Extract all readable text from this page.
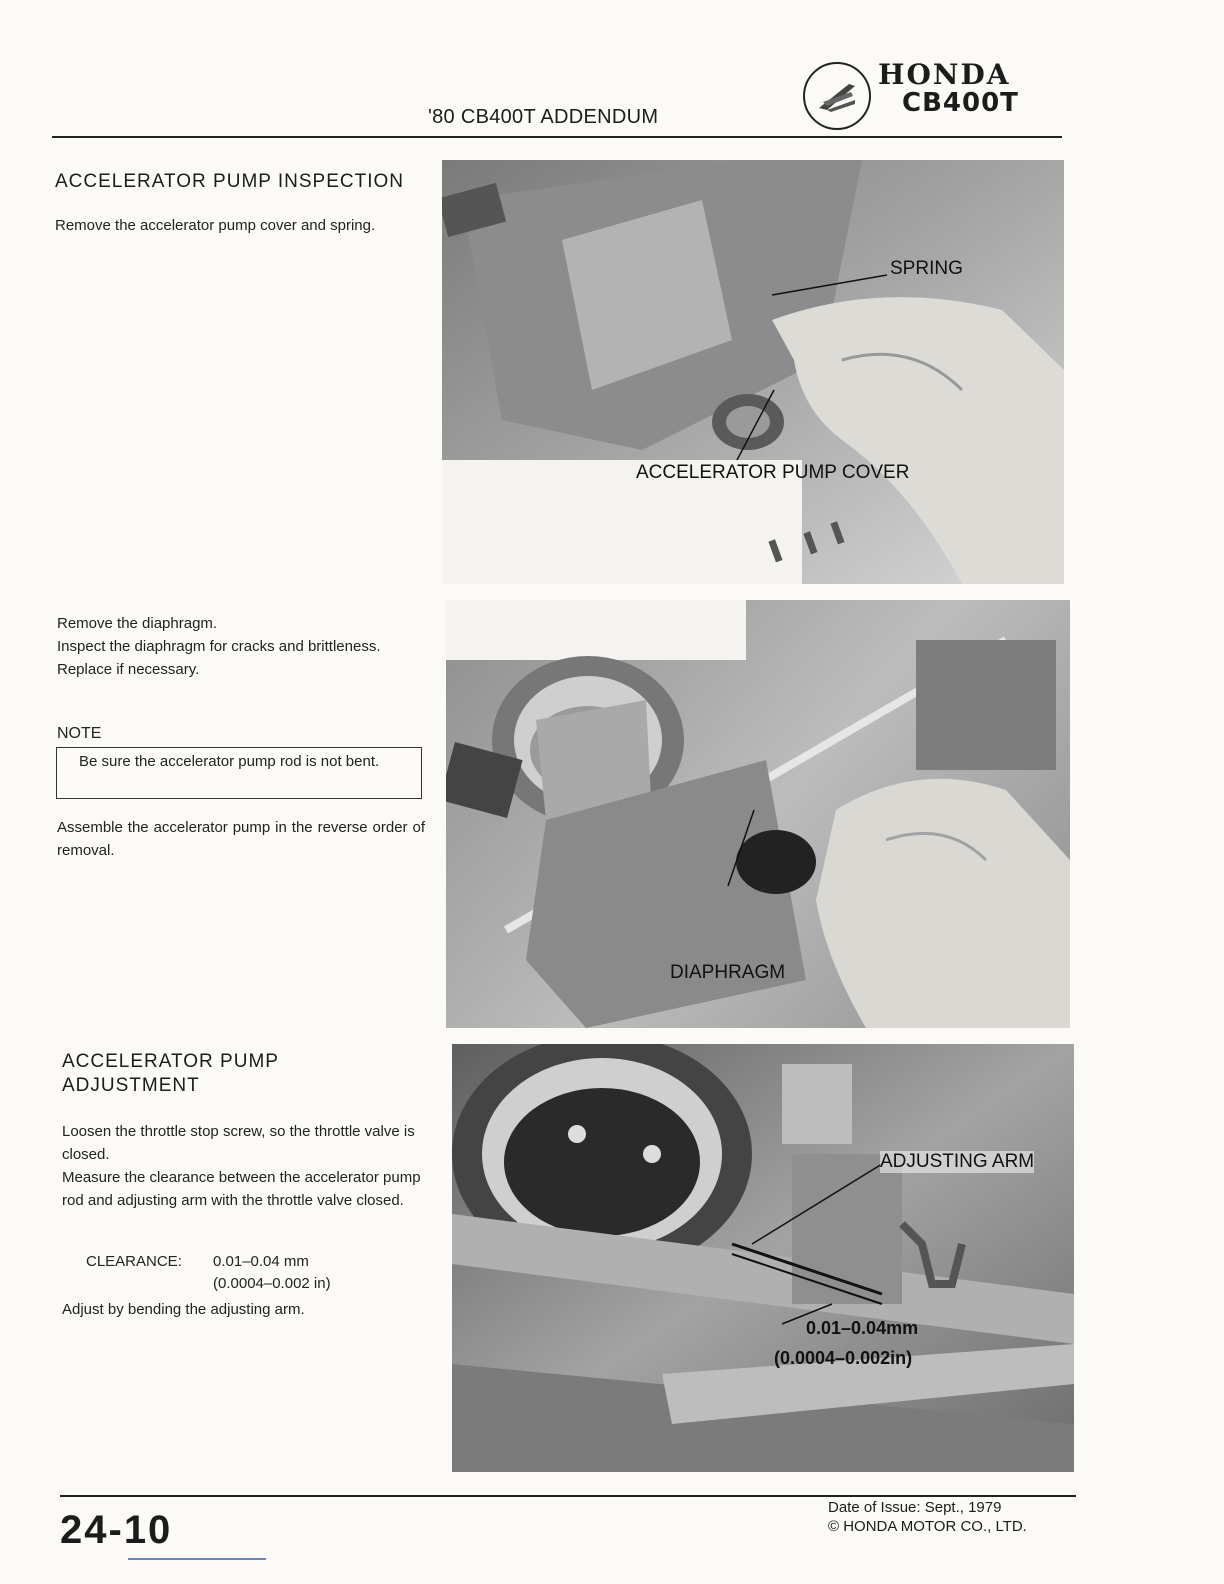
'80 CB400T ADDENDUM
HONDA
CB400T
ACCELERATOR PUMP INSPECTION
Remove the accelerator pump cover and spring.
SPRING
ACCELERATOR PUMP COVER
Remove the diaphragm.
Inspect the diaphragm for cracks and brittleness.
Replace if necessary.
NOTE
Be sure the accelerator pump rod is not bent.
Assemble the accelerator pump in the reverse order of removal.
DIAPHRAGM
ACCELERATOR PUMP
ADJUSTMENT
Loosen the throttle stop screw, so the throttle valve is closed.
Measure the clearance between the accelerator pump rod and adjusting arm with the throttle valve closed.
CLEARANCE: 0.01–0.04 mm
(0.0004–0.002 in)
Adjust by bending the adjusting arm.
ADJUSTING ARM
0.01–0.04mm
(0.0004–0.002in)
24-10
Date of Issue: Sept., 1979
© HONDA MOTOR CO., LTD.
